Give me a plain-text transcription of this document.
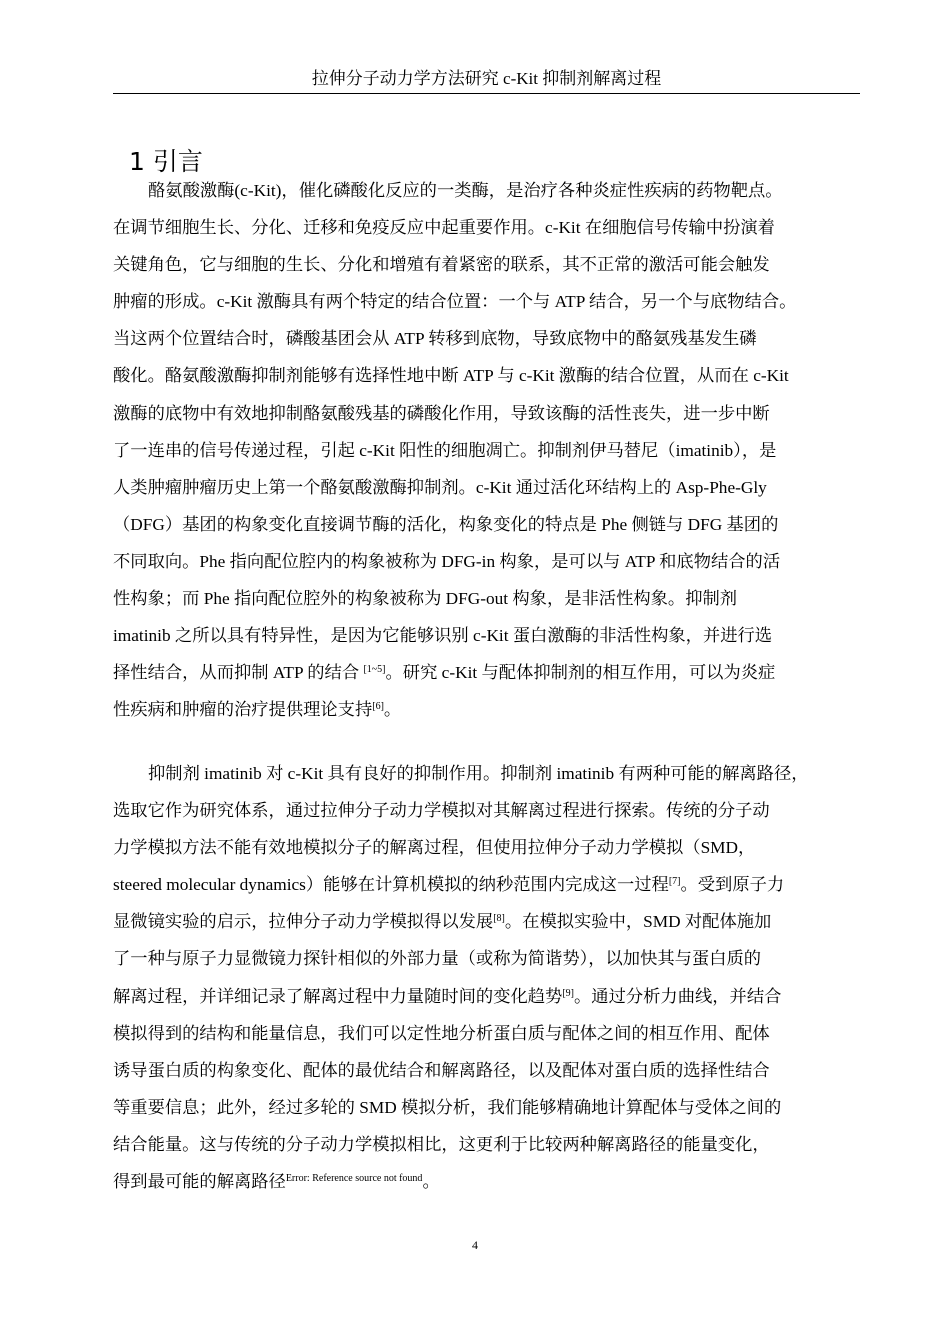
拉伸分子动力学方法研究 c-Kit 抑制剂解离过程
1 引言
酪氨酸激酶(c-Kit)，催化磷酸化反应的一类酶，是治疗各种炎症性疾病的药物靶点。
在调节细胞生长、分化、迁移和免疫反应中起重要作用。c-Kit 在细胞信号传输中扮演着
关键角色，它与细胞的生长、分化和增殖有着紧密的联系，其不正常的激活可能会触发
肿瘤的形成。c-Kit 激酶具有两个特定的结合位置：一个与 ATP 结合，另一个与底物结合。
当这两个位置结合时，磷酸基团会从 ATP 转移到底物，导致底物中的酪氨残基发生磷
酸化。酪氨酸激酶抑制剂能够有选择性地中断 ATP 与 c-Kit 激酶的结合位置，从而在 c-Kit
激酶的底物中有效地抑制酪氨酸残基的磷酸化作用，导致该酶的活性丧失，进一步中断
了一连串的信号传递过程，引起 c-Kit 阳性的细胞凋亡。抑制剂伊马替尼（imatinib），是
人类肿瘤肿瘤历史上第一个酪氨酸激酶抑制剂。c-Kit 通过活化环结构上的 Asp-Phe-Gly
（DFG）基团的构象变化直接调节酶的活化，构象变化的特点是 Phe 侧链与 DFG 基团的
不同取向。Phe 指向配位腔内的构象被称为 DFG-in 构象，是可以与 ATP 和底物结合的活
性构象；而 Phe 指向配位腔外的构象被称为 DFG-out 构象，是非活性构象。抑制剂
imatinib 之所以具有特异性，是因为它能够识别 c-Kit 蛋白激酶的非活性构象，并进行选
择性结合，从而抑制 ATP 的结合 [1~5]。研究 c-Kit 与配体抑制剂的相互作用，可以为炎症
性疾病和肿瘤的治疗提供理论支持[6]。
抑制剂 imatinib 对 c-Kit 具有良好的抑制作用。抑制剂 imatinib 有两种可能的解离路径，
选取它作为研究体系，通过拉伸分子动力学模拟对其解离过程进行探索。传统的分子动
力学模拟方法不能有效地模拟分子的解离过程，但使用拉伸分子动力学模拟（SMD，
steered molecular dynamics）能够在计算机模拟的纳秒范围内完成这一过程[7]。受到原子力
显微镜实验的启示，拉伸分子动力学模拟得以发展[8]。在模拟实验中，SMD 对配体施加
了一种与原子力显微镜力探针相似的外部力量（或称为简谐势），以加快其与蛋白质的
解离过程，并详细记录了解离过程中力量随时间的变化趋势[9]。通过分析力曲线，并结合
模拟得到的结构和能量信息，我们可以定性地分析蛋白质与配体之间的相互作用、配体
诱导蛋白质的构象变化、配体的最优结合和解离路径，以及配体对蛋白质的选择性结合
等重要信息；此外，经过多轮的 SMD 模拟分析，我们能够精确地计算配体与受体之间的
结合能量。这与传统的分子动力学模拟相比，这更利于比较两种解离路径的能量变化，
得到最可能的解离路径$^{Error: Reference source not found}$。
4
